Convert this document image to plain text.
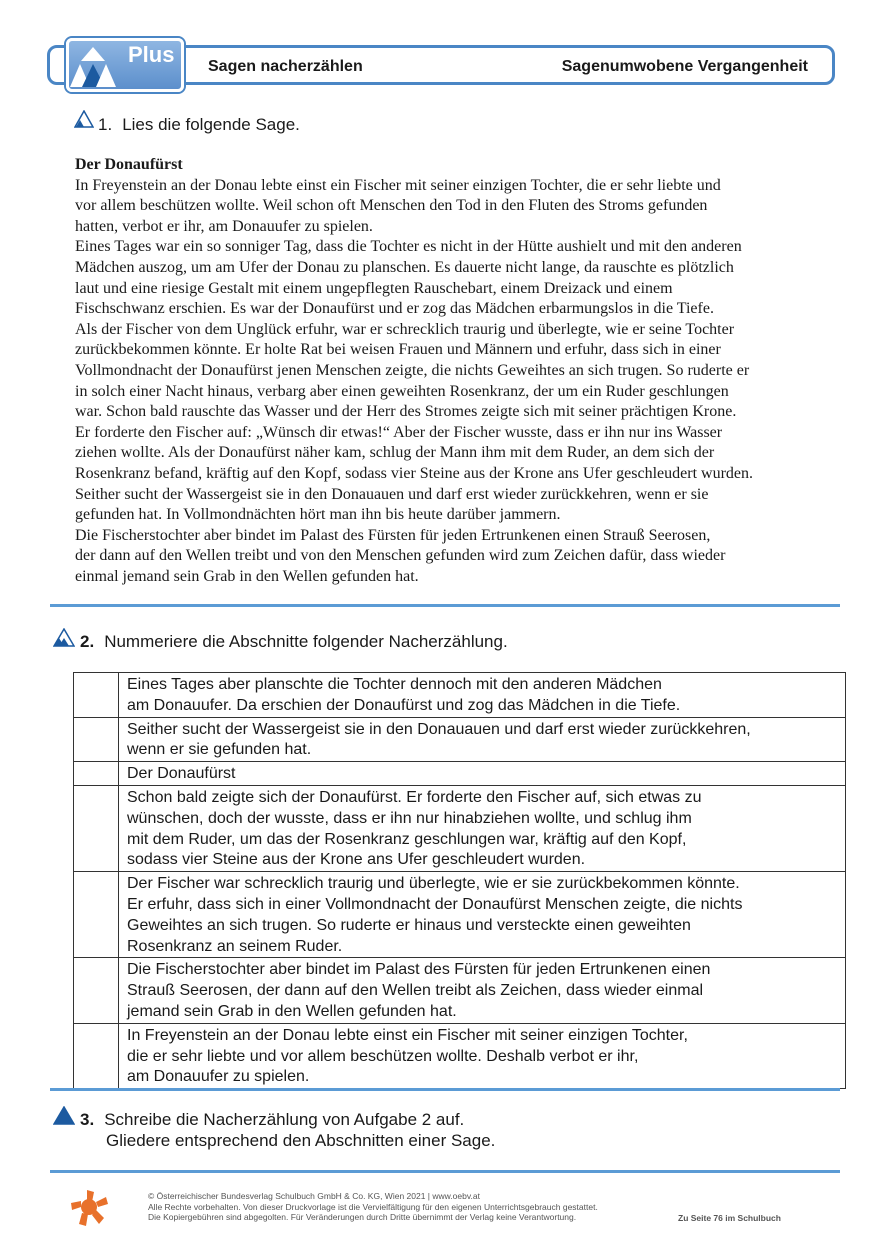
Plus Sagen nacherzählen	Sagenumwobene Vergangenheit
1. Lies die folgende Sage.

Der Donaufürst

In Freyenstein an der Donau lebte einst ein Fischer mit seiner einzigen Tochter, die er sehr liebte und

vor allem beschützen wollte. Weil schon oft Menschen den Tod in den Fluten des Stroms gefunden

hatten, verbot er ihr, am Donauufer zu spielen.

Eines Tages war ein so sonniger Tag, dass die Tochter es nicht in der Hütte aushielt und mit den anderen

Mädchen auszog, um am Ufer der Donau zu planschen. Es dauerte nicht lange, da rauschte es plötzlich

laut und eine riesige Gestalt mit einem ungepflegten Rauschebart, einem Dreizack und einem

Fischschwanz erschien. Es war der Donaufürst und er zog das Mädchen erbarmungslos in die Tiefe.

Als der Fischer von dem Unglück erfuhr, war er schrecklich traurig und überlegte, wie er seine Tochter

zurückbekommen könnte. Er holte Rat bei weisen Frauen und Männern und erfuhr, dass sich in einer

Vollmondnacht der Donaufürst jenen Menschen zeigte, die nichts Geweihtes an sich trugen. So ruderte er

in solch einer Nacht hinaus, verbarg aber einen geweihten Rosenkranz, der um ein Ruder geschlungen

war. Schon bald rauschte das Wasser und der Herr des Stromes zeigte sich mit seiner prächtigen Krone.

Er forderte den Fischer auf: „Wünsch dir etwas!“ Aber der Fischer wusste, dass er ihn nur ins Wasser

ziehen wollte. Als der Donaufürst näher kam, schlug der Mann ihm mit dem Ruder, an dem sich der

Rosenkranz befand, kräftig auf den Kopf, sodass vier Steine aus der Krone ans Ufer geschleudert wurden.

Seither sucht der Wassergeist sie in den Donauauen und darf erst wieder zurückkehren, wenn er sie

gefunden hat. In Vollmondnächten hört man ihn bis heute darüber jammern.

Die Fischerstochter aber bindet im Palast des Fürsten für jeden Ertrunkenen einen Strauß Seerosen,

der dann auf den Wellen treibt und von den Menschen gefunden wird zum Zeichen dafür, dass wieder

einmal jemand sein Grab in den Wellen gefunden hat.

2. Nummeriere die Abschnitte folgender Nacherzählung.

	Eines Tages aber planschte die Tochter dennoch mit den anderen Mädchen
am Donauufer. Da erschien der Donaufürst und zog das Mädchen in die Tiefe.

	Seither sucht der Wassergeist sie in den Donauauen und darf erst wieder zurückkehren,
wenn er sie gefunden hat.

	Der Donaufürst

	Schon bald zeigte sich der Donaufürst. Er forderte den Fischer auf, sich etwas zu
wünschen, doch der wusste, dass er ihn nur hinabziehen wollte, und schlug ihm
mit dem Ruder, um das der Rosenkranz geschlungen war, kräftig auf den Kopf,
sodass vier Steine aus der Krone ans Ufer geschleudert wurden.

	Der Fischer war schrecklich traurig und überlegte, wie er sie zurückbekommen könnte.
Er erfuhr, dass sich in einer Vollmondnacht der Donaufürst Menschen zeigte, die nichts
Geweihtes an sich trugen. So ruderte er hinaus und versteckte einen geweihten
Rosenkranz an seinem Ruder.

	Die Fischerstochter aber bindet im Palast des Fürsten für jeden Ertrunkenen einen
Strauß Seerosen, der dann auf den Wellen treibt als Zeichen, dass wieder einmal
jemand sein Grab in den Wellen gefunden hat.

	In Freyenstein an der Donau lebte einst ein Fischer mit seiner einzigen Tochter,
die er sehr liebte und vor allem beschützen wollte. Deshalb verbot er ihr,
am Donauufer zu spielen.
3. Schreibe die Nacherzählung von Aufgabe 2 auf.
Gliedere entsprechend den Abschnitten einer Sage.
© Österreichischer Bundesverlag Schulbuch GmbH & Co. KG, Wien 2021 | www.oebv.at
Alle Rechte vorbehalten. Von dieser Druckvorlage ist die Vervielfältigung für den eigenen Unterrichtsgebrauch gestattet.
Die Kopiergebühren sind abgegolten. Für Veränderungen durch Dritte übernimmt der Verlag keine Verantwortung.	Zu Seite 76 im Schulbuch
